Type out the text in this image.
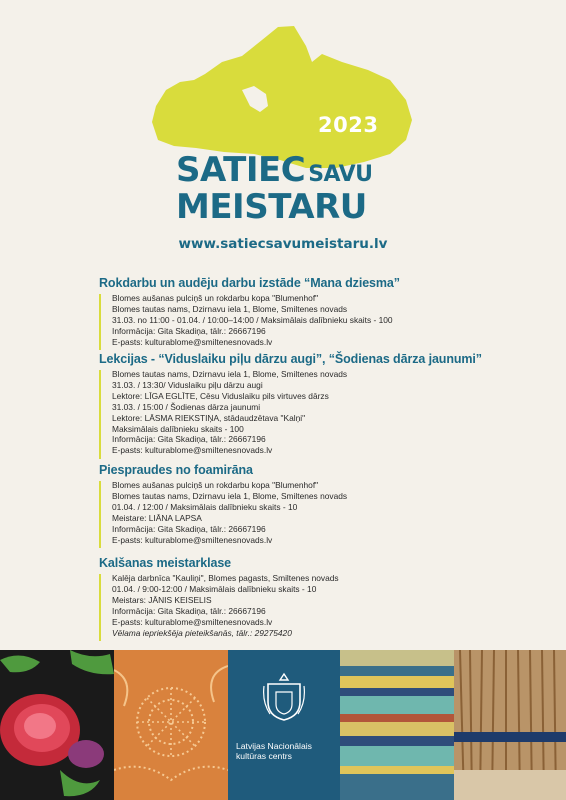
2023
SATIEC SAVU
MEISTARU
www.satiecsavumeistaru.lv
Rokdarbu un audēju darbu izstāde “Mana dziesma”
Blomes aušanas pulciņš un rokdarbu kopa "Blumenhof"
Blomes tautas nams, Dzirnavu iela 1, Blome, Smiltenes novads
31.03. no 11:00 - 01.04. / 10:00–14:00 / Maksimālais dalībnieku skaits - 100
Informācija: Gita Skadiņa, tālr.: 26667196
E-pasts: kulturablome@smiltenesnovads.lv
Lekcijas - “Viduslaiku piļu dārzu augi”, “Šodienas dārza jaunumi”
Blomes tautas nams, Dzirnavu iela 1, Blome, Smiltenes novads
31.03. / 13:30/ Viduslaiku piļu dārzu augi
Lektore: LĪGA EGLĪTE, Cēsu Viduslaiku pils virtuves dārzs
31.03. / 15:00 / Šodienas dārza jaunumi
Lektore: LĀSMA RIEKSTIŅA, stādaudzētava "Kalņi"
Maksimālais dalībnieku skaits - 100
Informācija: Gita Skadiņa, tālr.: 26667196
E-pasts: kulturablome@smiltenesnovads.lv
Piespraudes no foamirāna
Blomes aušanas pulciņš un rokdarbu kopa "Blumenhof"
Blomes tautas nams, Dzirnavu iela 1, Blome, Smiltenes novads
01.04. / 12:00 / Maksimālais dalībnieku skaits - 10
Meistare: LIĀNA LAPSA
Informācija: Gita Skadiņa, tālr.: 26667196
E-pasts: kulturablome@smiltenesnovads.lv
Kalšanas meistarklase
Kalēja darbnīca "Kauliņi", Blomes pagasts, Smiltenes novads
01.04. / 9:00-12:00 / Maksimālais dalībnieku skaits - 10
Meistars: JĀNIS KEISELIS
Informācija: Gita Skadiņa, tālr.: 26667196
E-pasts: kulturablome@smiltenesnovads.lv
Vēlama iepriekšēja pieteikšanās, tālr.: 29275420
Latvijas Nacionālais
kultūras centrs
